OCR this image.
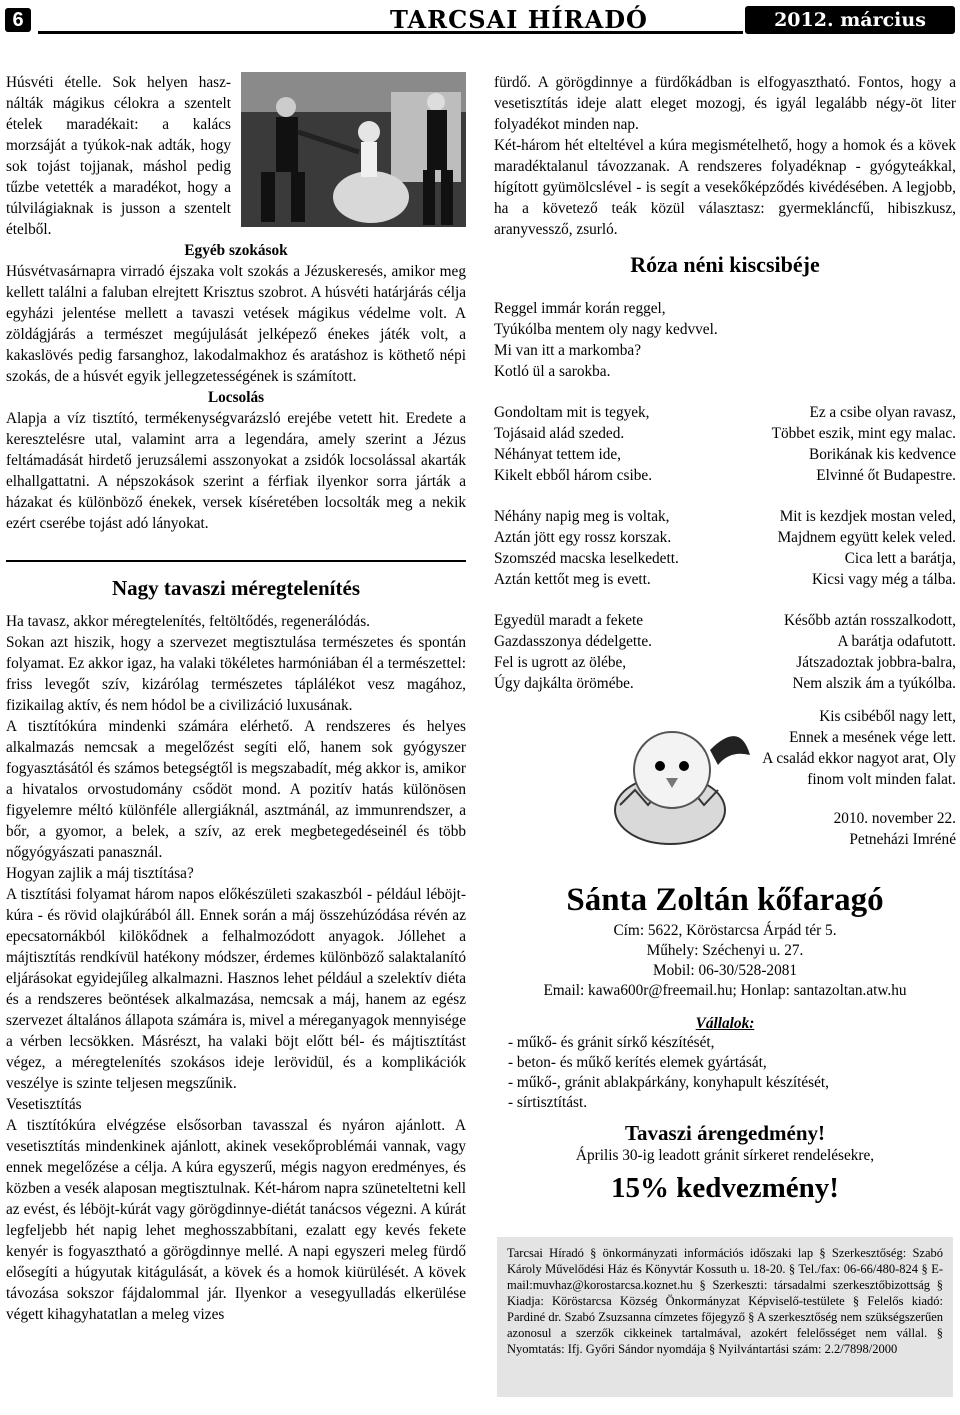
6	TARCSAI HÍRADÓ	2012. március

Húsvéti ételle. Sok helyen hasz-nálták mágikus célokra a szentelt ételek maradékait: a kalács morzsáját a tyúkok-nak adták, hogy sok tojást tojjanak, máshol pedig tűzbe vetették a maradékot, hogy a túlvilágiaknak is jusson a szentelt ételből.

Egyéb szokások

Húsvétvasárnapra virradó éjszaka volt szokás a Jézuskeresés, amikor meg kellett találni a faluban elrejtett Krisztus szobrot. A húsvéti határjárás célja egyházi jelentése mellett a tavaszi vetések mágikus védelme volt. A zöldágjárás a természet megújulását jelképező énekes játék volt, a kakaslövés pedig farsanghoz, lakodalmakhoz és aratáshoz is köthető népi szokás, de a húsvét egyik jellegzetességének is számított.

Locsolás

Alapja a víz tisztító, termékenységvarázsló erejébe vetett hit. Eredete a keresztelésre utal, valamint arra a legendára, amely szerint a Jézus feltámadását hirdető jeruzsálemi asszonyokat a zsidók locsolással akarták elhallgattatni. A népszokások szerint a férfiak ilyenkor sorra járták a házakat és különböző énekek, versek kíséretében locsolták meg a nekik ezért cserébe tojást adó lányokat.

Nagy tavaszi méregtelenítés

Ha tavasz, akkor méregtelenítés, feltöltődés, regenerálódás.

Sokan azt hiszik, hogy a szervezet megtisztulása természetes és spontán folyamat. Ez akkor igaz, ha valaki tökéletes harmóniában él a természettel: friss levegőt szív, kizárólag természetes táplálékot vesz magához, fizikailag aktív, és nem hódol be a civilizáció luxusának.

A tisztítókúra mindenki számára elérhető. A rendszeres és helyes alkalmazás nemcsak a megelőzést segíti elő, hanem sok gyógyszer fogyasztásától és számos betegségtől is megszabadít, még akkor is, amikor a hivatalos orvostudomány csődöt mond. A pozitív hatás különösen figyelemre méltó különféle allergiáknál, asztmánál, az immunrendszer, a bőr, a gyomor, a belek, a szív, az erek megbetegedéseinél és több nőgyógyászati panasznál.

Hogyan zajlik a máj tisztítása?

A tisztítási folyamat három napos előkészületi szakaszból - például léböjt-kúra - és rövid olajkúrából áll. Ennek során a máj összehúzódása révén az epecsatornákból kilökődnek a felhalmozódott anyagok. Jóllehet a májtisztítás rendkívül hatékony módszer, érdemes különböző salaktalanító eljárásokat egyidejűleg alkalmazni. Hasznos lehet például a szelektív diéta és a rendszeres beöntések alkalmazása, nemcsak a máj, hanem az egész szervezet általános állapota számára is, mivel a méreganyagok mennyisége a vérben lecsökken. Másrészt, ha valaki böjt előtt bél- és májtisztítást végez, a méregtelenítés szokásos ideje lerövidül, és a komplikációk veszélye is szinte teljesen megszűnik.

Vesetisztítás

A tisztítókúra elvégzése elsősorban tavasszal és nyáron ajánlott. A vesetisztítás mindenkinek ajánlott, akinek vesekőproblémái vannak, vagy ennek megelőzése a célja. A kúra egyszerű, mégis nagyon eredményes, és közben a vesék alaposan megtisztulnak. Két-három napra szüneteltetni kell az evést, és léböjt-kúrát vagy görögdinnye-diétát tanácsos végezni. A kúrát legfeljebb hét napig lehet meghosszabbítani, ezalatt egy kevés fekete kenyér is fogyasztható a görögdinnye mellé. A napi egyszeri meleg fürdő elősegíti a húgyutak kitágulását, a kövek és a homok kiürülését. A kövek távozása sokszor fájdalommal jár. Ilyenkor a vesegyulladás elkerülése végett kihagyhatatlan a meleg vizes

fürdő. A görögdinnye a fürdőkádban is elfogyasztható. Fontos, hogy a vesetisztítás ideje alatt eleget mozogj, és igyál legalább négy-öt liter folyadékot minden nap.

Két-három hét elteltével a kúra megismételhető, hogy a homok és a kövek maradéktalanul távozzanak. A rendszeres folyadéknap - gyógyteákkal, hígított gyümölcslével - is segít a vesekőképződés kivédésében. A legjobb, ha a követező teák közül választasz: gyermekláncfű, hibiszkusz, aranyvessző, zsurló.

Róza néni kiscsibéje
Reggel immár korán reggel,
Tyúkólba mentem oly nagy kedvvel.
Mi van itt a markomba?
Kotló ül a sarokba.
Gondoltam mit is tegyek,
Tojásaid alád szeded.
Néhányat tettem ide,
Kikelt ebből három csibe.
Ez a csibe olyan ravasz,
Többet eszik, mint egy malac.
Borikának kis kedvence
Elvinné őt Budapestre.
Néhány napig meg is voltak,
Aztán jött egy rossz korszak.
Szomszéd macska leselkedett.
Aztán kettőt meg is evett.
Mit is kezdjek mostan veled,
Majdnem együtt kelek veled.
Cica lett a barátja,
Kicsi vagy még a tálba.
Egyedül maradt a fekete
Gazdasszonya dédelgette.
Fel is ugrott az ölébe,
Úgy dajkálta örömébe.
Később aztán rosszalkodott,
A barátja odafutott.
Játszadoztak jobbra-balra,
Nem alszik ám a tyúkólba.
Kis csibéből nagy lett,
Ennek a mesének vége lett.
A család ekkor nagyot arat, Oly
finom volt minden falat.
2010. november 22.
Petneházi Imréné
Sánta Zoltán kőfaragó
Cím: 5622, Köröstarcsa Árpád tér 5.
Műhely: Széchenyi u. 27.
Mobil: 06-30/528-2081
Email: kawa600r@freemail.hu; Honlap: santazoltan.atw.hu
Vállalok:
- műkő- és gránit sírkő készítését,
- beton- és műkő kerítés elemek gyártását,
- műkő-, gránit ablakpárkány, konyhapult készítését,
- sírtisztítást.
Tavaszi árengedmény!
Április 30-ig leadott gránit sírkeret rendelésekre,
15% kedvezmény!
Tarcsai Híradó § önkormányzati információs időszaki lap § Szerkesztőség: Szabó Károly Művelődési Ház és Könyvtár Kossuth u. 18-20. § Tel./fax: 06-66/480-824 § E-mail:muvhaz@korostarcsa.koznet.hu § Szerkeszti: társadalmi szerkesztőbizottság § Kiadja: Köröstarcsa Község Önkormányzat Képviselő-testülete § Felelős kiadó: Pardiné dr. Szabó Zsuzsanna címzetes főjegyző § A szerkesztőség nem szükségszerűen azonosul a szerzők cikkeinek tartalmával, azokért felelősséget nem vállal. § Nyomtatás: Ifj. Győri Sándor nyomdája § Nyilvántartási szám: 2.2/7898/2000
